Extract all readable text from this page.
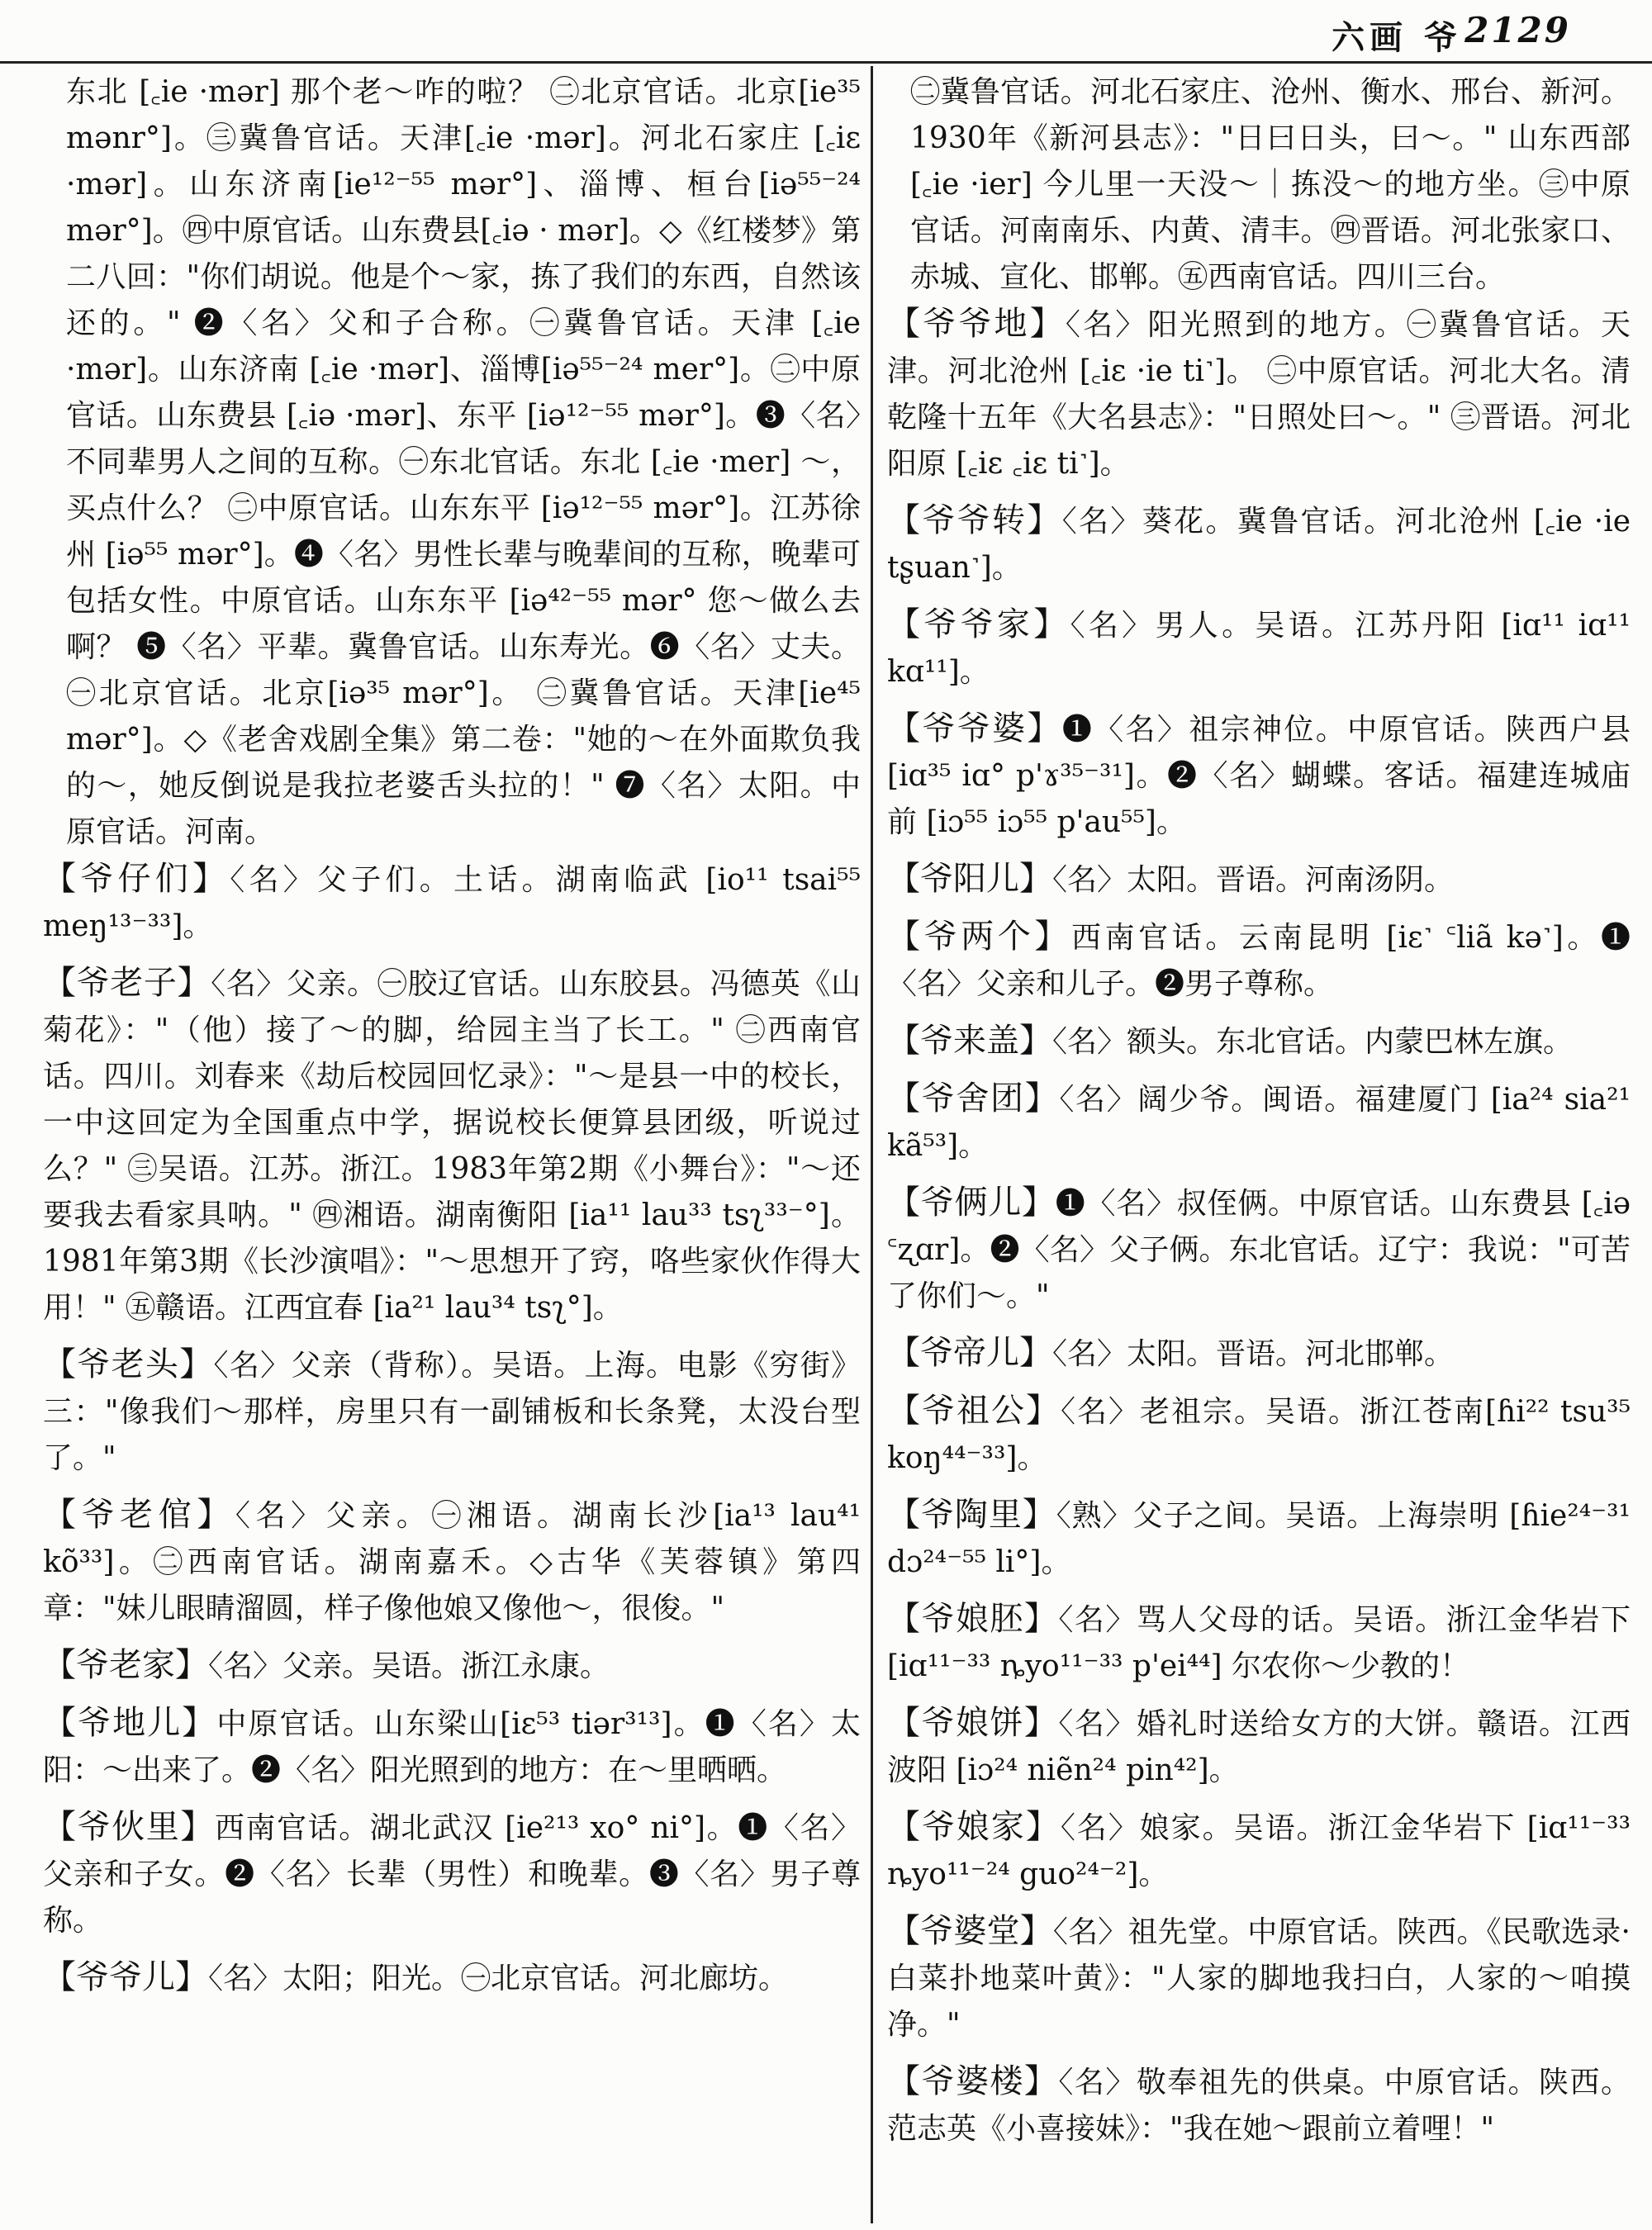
六画 爷 2129

东北 [꜀ie ·mər] 那个老～咋的啦？ ㊁北京官话。北京[ie³⁵ mənr°]。㊂冀鲁官话。天津[꜀ie ·mər]。河北石家庄 [꜀iɛ ·mər]。山东济南[ie¹²⁻⁵⁵ mər°]、淄博、桓台[iə⁵⁵⁻²⁴ mər°]。㊃中原官话。山东费县[꜀iə · mər]。◇《红楼梦》第二八回："你们胡说。他是个～家，拣了我们的东西，自然该还的。" ❷〈名〉父和子合称。㊀冀鲁官话。天津 [꜀ie ·mər]。山东济南 [꜀ie ·mər]、淄博[iə⁵⁵⁻²⁴ mer°]。㊁中原官话。山东费县 [꜀iə ·mər]、东平 [iə¹²⁻⁵⁵ mər°]。❸〈名〉不同辈男人之间的互称。㊀东北官话。东北 [꜀ie ·mer] ～，买点什么？ ㊁中原官话。山东东平 [iə¹²⁻⁵⁵ mər°]。江苏徐州 [iə⁵⁵ mər°]。❹〈名〉男性长辈与晚辈间的互称，晚辈可包括女性。中原官话。山东东平 [iə⁴²⁻⁵⁵ mər° 您～做么去啊？ ❺〈名〉平辈。冀鲁官话。山东寿光。❻〈名〉丈夫。㊀北京官话。北京[iə³⁵ mər°]。 ㊁冀鲁官话。天津[ie⁴⁵ mər°]。◇《老舍戏剧全集》第二卷："她的～在外面欺负我的～，她反倒说是我拉老婆舌头拉的！" ❼〈名〉太阳。中原官话。河南。

【爷仔们】〈名〉父子们。土话。湖南临武 [io¹¹ tsai⁵⁵ meŋ¹³⁻³³]。

【爷老子】〈名〉父亲。㊀胶辽官话。山东胶县。冯德英《山菊花》："（他）接了～的脚，给园主当了长工。" ㊁西南官话。四川。刘春来《劫后校园回忆录》："～是县一中的校长，一中这回定为全国重点中学，据说校长便算县团级，听说过么？" ㊂吴语。江苏。浙江。1983年第2期《小舞台》："～还要我去看家具呐。" ㊃湘语。湖南衡阳 [ia¹¹ lau³³ tsʅ³³⁻°]。1981年第3期《长沙演唱》："～思想开了窍，咯些家伙作得大用！" ㊄赣语。江西宜春 [ia²¹ lau³⁴ tsʅ°]。

【爷老头】〈名〉父亲（背称）。吴语。上海。电影《穷街》三："像我们～那样，房里只有一副铺板和长条凳，太没台型了。"

【爷老倌】〈名〉父亲。㊀湘语。湖南长沙[ia¹³ lau⁴¹ kõ³³]。㊁西南官话。湖南嘉禾。◇古华《芙蓉镇》第四章："妹儿眼睛溜圆，样子像他娘又像他～，很俊。"

【爷老家】〈名〉父亲。吴语。浙江永康。

【爷地儿】中原官话。山东梁山[iɛ⁵³ tiər³¹³]。❶〈名〉太阳：～出来了。❷〈名〉阳光照到的地方：在～里晒晒。

【爷伙里】西南官话。湖北武汉 [ie²¹³ xo° ni°]。❶〈名〉父亲和子女。❷〈名〉长辈（男性）和晚辈。❸〈名〉男子尊称。

【爷爷儿】〈名〉太阳；阳光。㊀北京官话。河北廊坊。

㊁冀鲁官话。河北石家庄、沧州、衡水、邢台、新河。1930年《新河县志》："日曰日头，曰～。" 山东西部 [꜀ie ·ier] 今儿里一天没～｜拣没～的地方坐。㊂中原官话。河南南乐、内黄、清丰。㊃晋语。河北张家口、赤城、宣化、邯郸。㊄西南官话。四川三台。

【爷爷地】〈名〉阳光照到的地方。㊀冀鲁官话。天津。河北沧州 [꜀iɛ ·ie ti˺]。 ㊁中原官话。河北大名。清乾隆十五年《大名县志》："日照处曰～。" ㊂晋语。河北阳原 [꜀iɛ ꜀iɛ ti˺]。

【爷爷转】〈名〉葵花。冀鲁官话。河北沧州 [꜀ie ·ie tʂuan˺]。

【爷爷家】〈名〉男人。吴语。江苏丹阳 [iɑ¹¹ iɑ¹¹ kɑ¹¹]。

【爷爷婆】❶〈名〉祖宗神位。中原官话。陕西户县 [iɑ³⁵ iɑ° p'ɤ³⁵⁻³¹]。❷〈名〉蝴蝶。客话。福建连城庙前 [iɔ⁵⁵ iɔ⁵⁵ p'au⁵⁵]。

【爷阳儿】〈名〉太阳。晋语。河南汤阴。

【爷两个】西南官话。云南昆明 [iɛ˺ ꜂liã kə˺]。❶〈名〉父亲和儿子。❷男子尊称。

【爷来盖】〈名〉额头。东北官话。内蒙巴林左旗。

【爷舍团】〈名〉阔少爷。闽语。福建厦门 [ia²⁴ sia²¹ kã⁵³]。

【爷俩儿】❶〈名〉叔侄俩。中原官话。山东费县 [꜀iə ꜂ʐɑr]。❷〈名〉父子俩。东北官话。辽宁：我说："可苦了你们～。"

【爷帝儿】〈名〉太阳。晋语。河北邯郸。

【爷祖公】〈名〉老祖宗。吴语。浙江苍南[ɦi²² tsu³⁵ koŋ⁴⁴⁻³³]。

【爷陶里】〈熟〉父子之间。吴语。上海崇明 [ɦie²⁴⁻³¹ dɔ²⁴⁻⁵⁵ li°]。

【爷娘胚】〈名〉骂人父母的话。吴语。浙江金华岩下 [iɑ¹¹⁻³³ ȵyo¹¹⁻³³ p'ei⁴⁴] 尔农你～少教的！

【爷娘饼】〈名〉婚礼时送给女方的大饼。赣语。江西波阳 [iɔ²⁴ niẽn²⁴ pin⁴²]。

【爷娘家】〈名〉娘家。吴语。浙江金华岩下 [iɑ¹¹⁻³³ ȵyo¹¹⁻²⁴ guo²⁴⁻²]。

【爷婆堂】〈名〉祖先堂。中原官话。陕西。《民歌选录·白菜扑地菜叶黄》："人家的脚地我扫白，人家的～咱摸净。"

【爷婆楼】〈名〉敬奉祖先的供桌。中原官话。陕西。范志英《小喜接妹》："我在她～跟前立着哩！"
